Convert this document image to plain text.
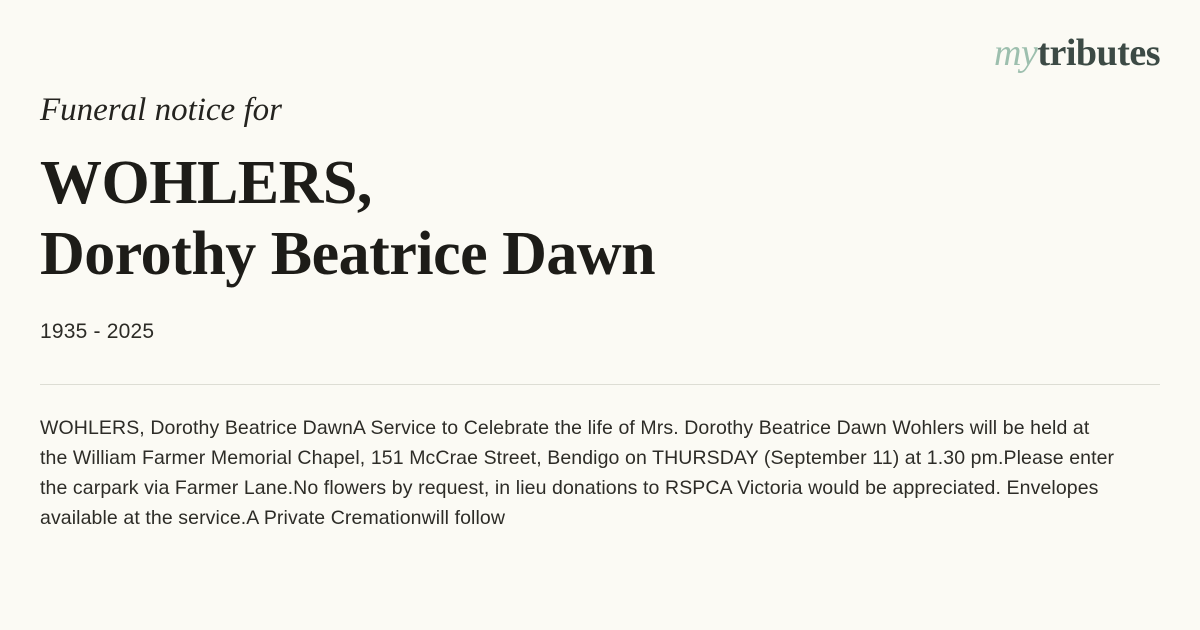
mytributes

Funeral notice for

WOHLERS,
Dorothy Beatrice Dawn
1935 - 2025
WOHLERS, Dorothy Beatrice DawnA Service to Celebrate the life of Mrs. Dorothy Beatrice Dawn Wohlers will be held at the William Farmer Memorial Chapel, 151 McCrae Street, Bendigo on THURSDAY (September 11) at 1.30 pm.Please enter the carpark via Farmer Lane.No flowers by request, in lieu donations to RSPCA Victoria would be appreciated. Envelopes available at the service.A Private Cremationwill follow
